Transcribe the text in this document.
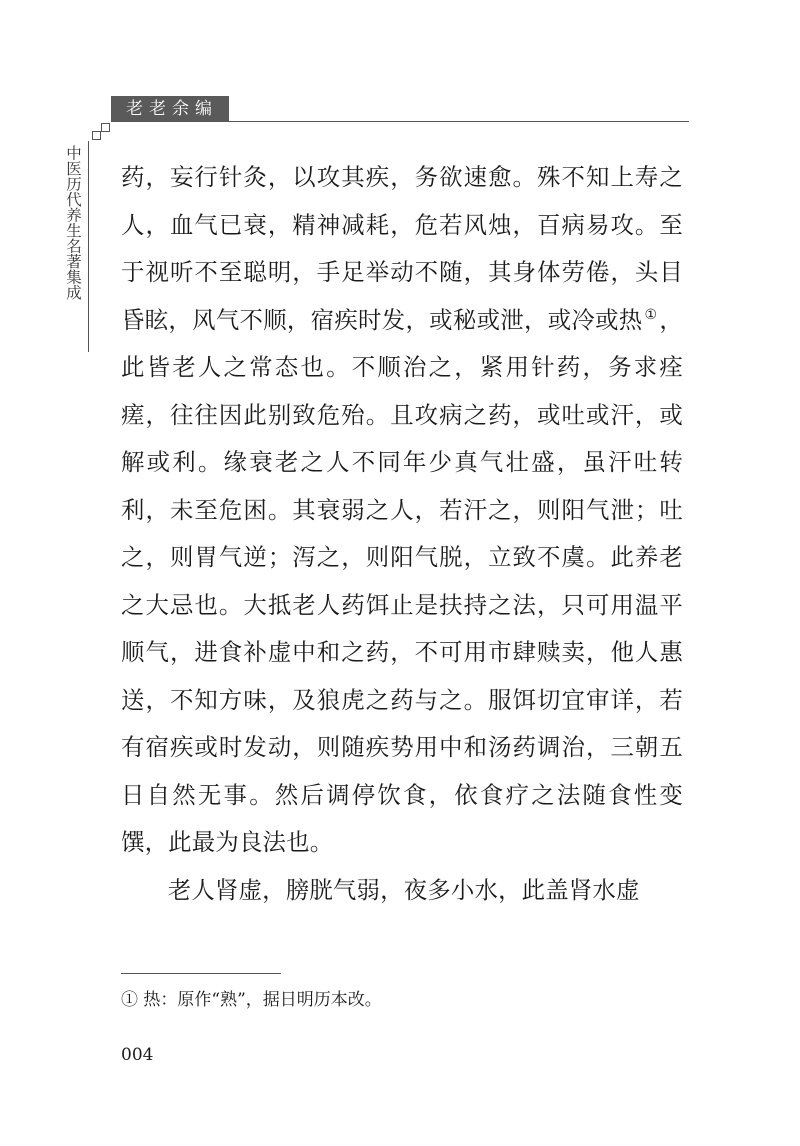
老老余编
中医历代养生名著集成 药，妄行针灸，以攻其疾，务欲速愈。殊不知上寿之人，血气已衰，精神减耗，危若风烛，百病易攻。至于视听不至聪明，手足举动不随，其身体劳倦，头目昏眩，风气不顺，宿疾时发，或秘或泄，或冷或热 ①，此皆老人之常态也。不顺治之，紧用针药，务求痊瘥，往往因此别致危殆。且攻病之药，或吐或汗，或解或利。缘衰老之人不同年少真气壮盛，虽汗吐转利，未至危困。其衰弱之人，若汗之，则阳气泄；吐之，则胃气逆；泻之，则阳气脱，立致不虞。此养老之大忌也。大抵老人药饵止是扶持之法，只可用温平顺气，进食补虚中和之药，不可用市肆赎卖，他人惠送，不知方味，及狼虎之药与之。服饵切宜审详，若有宿疾或时发动，则随疾势用中和汤药调治，三朝五日自然无事。然后调停饮食，依食疗之法随食性变馔，此最为良法也。

老人肾虚，膀胱气弱，夜多小水，此盖肾水虚

① 热：原作“熟”，据日明历本改。
004
